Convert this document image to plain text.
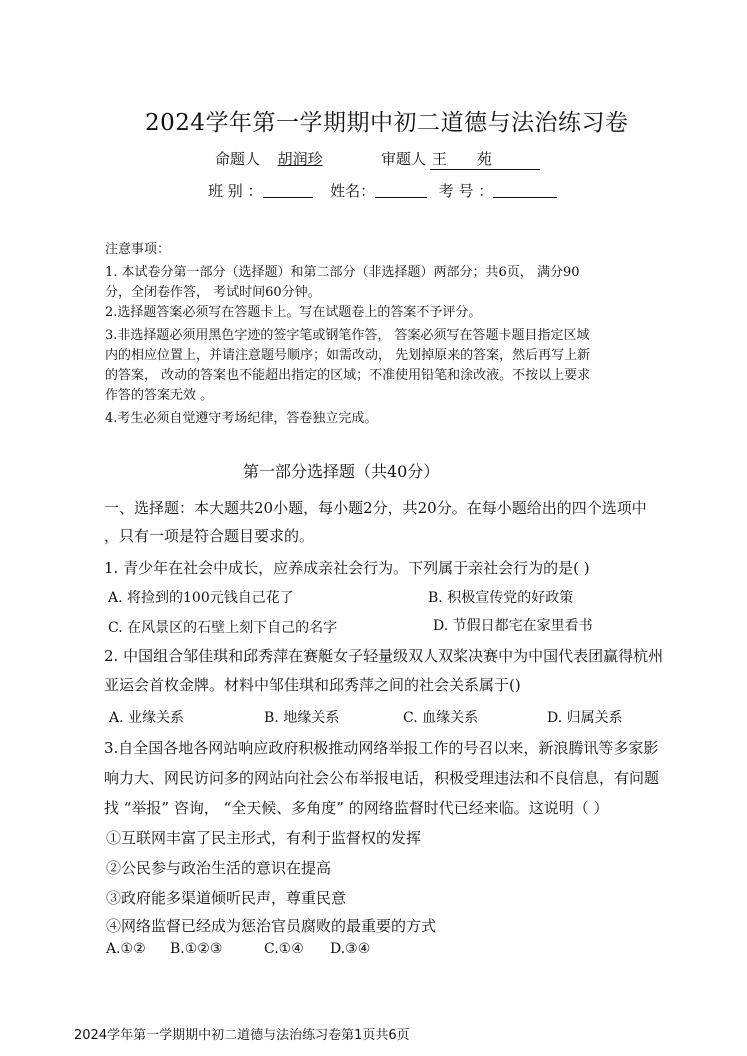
2024学年第一学期期中初二道德与法治练习卷
命题人 胡润珍	审题人 王　　苑
班 别 ：	姓名：	考 号 ：
注意事项：
1. 本试卷分第一部分（选择题）和第二部分（非选择题）两部分；共6页， 满分90
分，全闭卷作答， 考试时间60分钟。
2.选择题答案必须写在答题卡上。写在试题卷上的答案不予评分。
3.非选择题必须用黑色字迹的签字笔或钢笔作答， 答案必须写在答题卡题目指定区域
内的相应位置上，并请注意题号顺序；如需改动， 先划掉原来的答案，然后再写上新
的答案， 改动的答案也不能超出指定的区域；不准使用铅笔和涂改液。不按以上要求
作答的答案无效 。
4.考生必须自觉遵守考场纪律，答卷独立完成。
第一部分选择题（共40分）
一、选择题：本大题共20小题，每小题2分，共20分。在每小题给出的四个选项中
，只有一项是符合题目要求的。
1. 青少年在社会中成长，应养成亲社会行为。下列属于亲社会行为的是( )
A. 将捡到的100元钱自己花了	B. 积极宣传党的好政策
C. 在风景区的石壁上刻下自己的名字	D. 节假日都宅在家里看书
2. 中国组合邹佳琪和邱秀萍在赛艇女子轻量级双人双桨决赛中为中国代表团赢得杭州
亚运会首枚金牌。材料中邹佳琪和邱秀萍之间的社会关系属于()
A. 业缘关系	B. 地缘关系	C. 血缘关系	D. 归属关系
3.自全国各地各网站响应政府积极推动网络举报工作的号召以来，新浪腾讯等多家影
响力大、网民访问多的网站向社会公布举报电话，积极受理违法和不良信息，有问题
找 “举报” 咨询， “全天候、多角度” 的网络监督时代已经来临。这说明（ ）
①互联网丰富了民主形式，有利于监督权的发挥
②公民参与政治生活的意识在提高
③政府能多渠道倾听民声，尊重民意
④网络监督已经成为惩治官员腐败的最重要的方式
A.①② B.①②③	C.①④ D.③④
2024学年第一学期期中初二道德与法治练习卷第1页共6页
